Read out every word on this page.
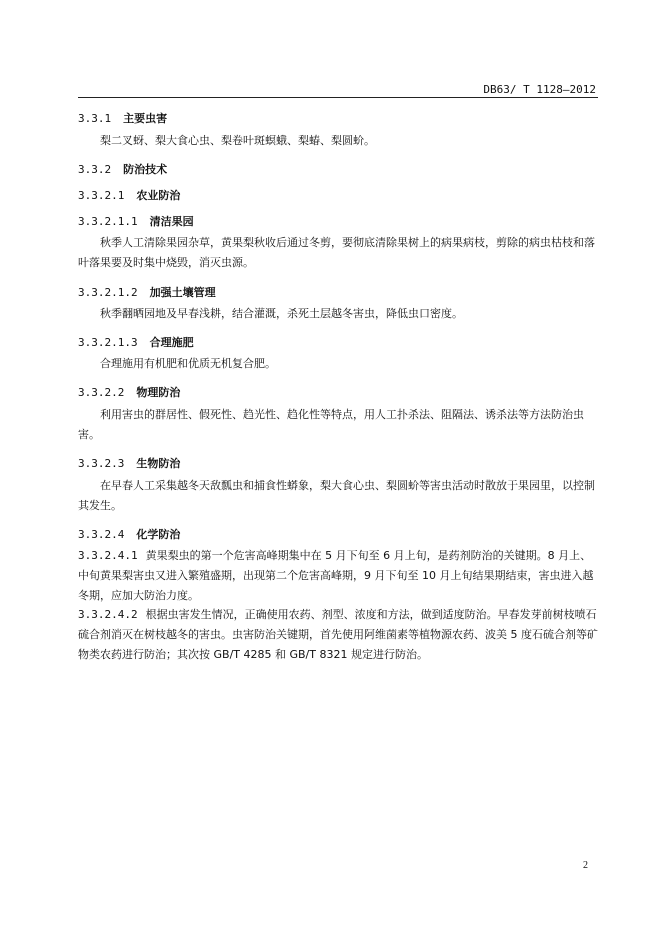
DB63/ T 1128—2012
3.3.1 主要虫害
梨二叉蚜、梨大食心虫、梨卷叶斑螟蛾、梨蝽、梨圆蚧。
3.3.2 防治技术
3.3.2.1 农业防治
3.3.2.1.1 清洁果园
秋季人工清除果园杂草，黄果梨秋收后通过冬剪，要彻底清除果树上的病果病枝，剪除的病虫枯枝和落叶落果要及时集中烧毁，消灭虫源。
3.3.2.1.2 加强土壤管理
秋季翻晒园地及早春浅耕，结合灌溉，杀死土层越冬害虫，降低虫口密度。
3.3.2.1.3 合理施肥
合理施用有机肥和优质无机复合肥。
3.3.2.2 物理防治
利用害虫的群居性、假死性、趋光性、趋化性等特点，用人工扑杀法、阻隔法、诱杀法等方法防治虫害。
3.3.2.3 生物防治
在早春人工采集越冬天敌瓢虫和捕食性蟒象，梨大食心虫、梨圆蚧等害虫活动时散放于果园里，以控制其发生。
3.3.2.4 化学防治
3.3.2.4.1 黄果梨虫的第一个危害高峰期集中在 5 月下旬至 6 月上旬，是药剂防治的关键期。8 月上、中旬黄果梨害虫又进入繁殖盛期，出现第二个危害高峰期，9 月下旬至 10 月上旬结果期结束，害虫进入越冬期，应加大防治力度。
3.3.2.4.2 根据虫害发生情况，正确使用农药、剂型、浓度和方法，做到适度防治。早春发芽前树枝喷石硫合剂消灭在树枝越冬的害虫。虫害防治关键期，首先使用阿维菌素等植物源农药、波美 5 度石硫合剂等矿物类农药进行防治；其次按 GB/T 4285 和 GB/T 8321 规定进行防治。
2
